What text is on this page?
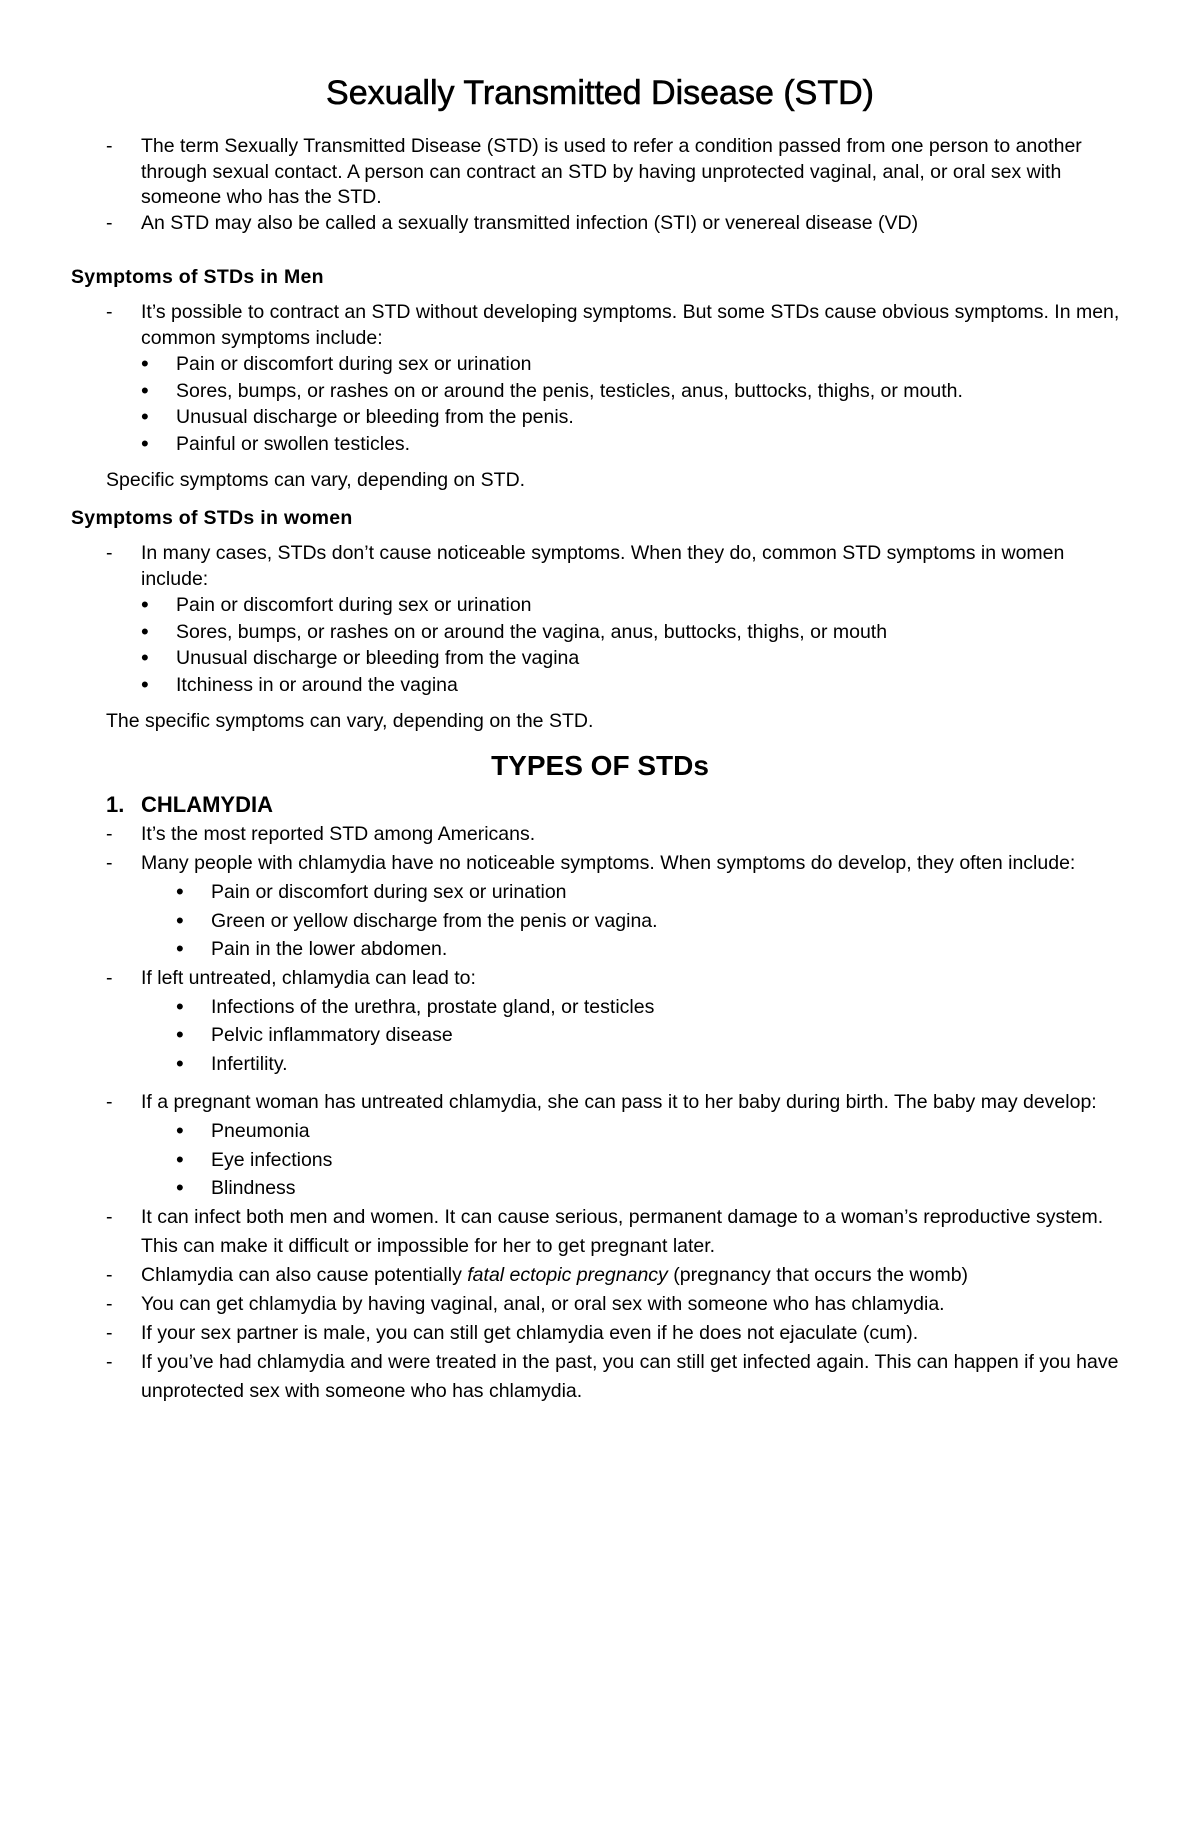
Sexually Transmitted Disease (STD)
- The term Sexually Transmitted Disease (STD) is used to refer a condition passed from one person to another through sexual contact. A person can contract an STD by having unprotected vaginal, anal, or oral sex with someone who has the STD.
- An STD may also be called a sexually transmitted infection (STI) or venereal disease (VD)
Symptoms of STDs in Men
- It’s possible to contract an STD without developing symptoms. But some STDs cause obvious symptoms. In men, common symptoms include:
• Pain or discomfort during sex or urination
• Sores, bumps, or rashes on or around the penis, testicles, anus, buttocks, thighs, or mouth.
• Unusual discharge or bleeding from the penis.
• Painful or swollen testicles.

Specific symptoms can vary, depending on STD.

Symptoms of STDs in women
- In many cases, STDs don’t cause noticeable symptoms. When they do, common STD symptoms in women include:
• Pain or discomfort during sex or urination
• Sores, bumps, or rashes on or around the vagina, anus, buttocks, thighs, or mouth
• Unusual discharge or bleeding from the vagina
• Itchiness in or around the vagina

The specific symptoms can vary, depending on the STD.

TYPES OF STDs
1. CHLAMYDIA
- It’s the most reported STD among Americans.
- Many people with chlamydia have no noticeable symptoms. When symptoms do develop, they often include:
• Pain or discomfort during sex or urination
• Green or yellow discharge from the penis or vagina.
• Pain in the lower abdomen.
- If left untreated, chlamydia can lead to:
• Infections of the urethra, prostate gland, or testicles
• Pelvic inflammatory disease
• Infertility.
- If a pregnant woman has untreated chlamydia, she can pass it to her baby during birth. The baby may develop:
• Pneumonia
• Eye infections
• Blindness
- It can infect both men and women. It can cause serious, permanent damage to a woman’s reproductive system. This can make it difficult or impossible for her to get pregnant later.
- Chlamydia can also cause potentially fatal ectopic pregnancy (pregnancy that occurs the womb)
- You can get chlamydia by having vaginal, anal, or oral sex with someone who has chlamydia.
- If your sex partner is male, you can still get chlamydia even if he does not ejaculate (cum).
- If you’ve had chlamydia and were treated in the past, you can still get infected again. This can happen if you have unprotected sex with someone who has chlamydia.
